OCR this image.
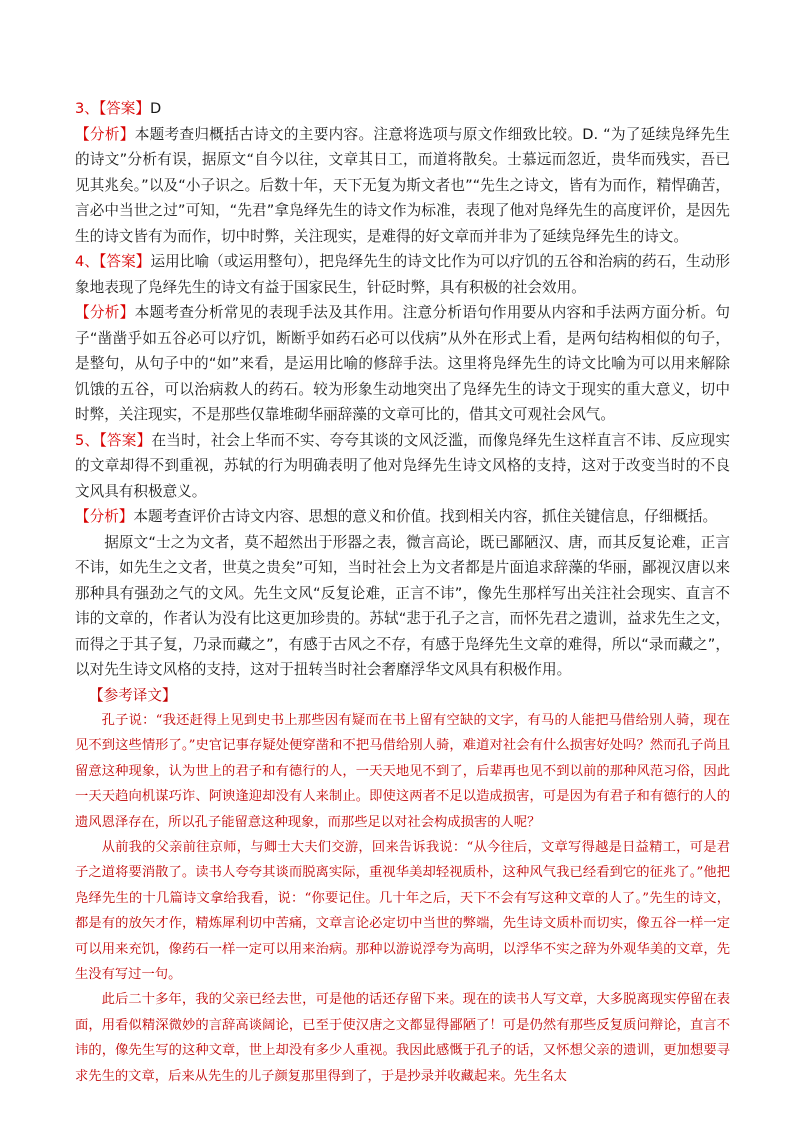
3、【答案】D

【分析】本题考查归概括古诗文的主要内容。注意将选项与原文作细致比较。D. “为了延续凫绎先生的诗文”分析有误，据原文“自今以往，文章其日工，而道将散矣。士慕远而忽近，贵华而残实，吾已见其兆矣。”以及“小子识之。后数十年，天下无复为斯文者也”“先生之诗文，皆有为而作，精悍确苦，言必中当世之过”可知，“先君”拿凫绎先生的诗文作为标准，表现了他对凫绎先生的高度评价，是因先生的诗文皆有为而作，切中时弊，关注现实，是难得的好文章而并非为了延续凫绎先生的诗文。

4、【答案】运用比喻（或运用整句），把凫绎先生的诗文比作为可以疗饥的五谷和治病的药石，生动形象地表现了凫绎先生的诗文有益于国家民生，针砭时弊，具有积极的社会效用。

【分析】本题考查分析常见的表现手法及其作用。注意分析语句作用要从内容和手法两方面分析。句子“凿凿乎如五谷必可以疗饥，断断乎如药石必可以伐病”从外在形式上看，是两句结构相似的句子，是整句，从句子中的“如”来看，是运用比喻的修辞手法。这里将凫绎先生的诗文比喻为可以用来解除饥饿的五谷，可以治病救人的药石。较为形象生动地突出了凫绎先生的诗文于现实的重大意义，切中时弊，关注现实，不是那些仅靠堆砌华丽辞藻的文章可比的，借其文可观社会风气。

5、【答案】在当时，社会上华而不实、夸夸其谈的文风泛滥，而像凫绎先生这样直言不讳、反应现实的文章却得不到重视，苏轼的行为明确表明了他对凫绎先生诗文风格的支持，这对于改变当时的不良文风具有积极意义。

【分析】本题考查评价古诗文内容、思想的意义和价值。找到相关内容，抓住关键信息，仔细概括。

据原文“士之为文者，莫不超然出于形器之表，微言高论，既已鄙陋汉、唐，而其反复论难，正言不讳，如先生之文者，世莫之贵矣”可知，当时社会上为文者都是片面追求辞藻的华丽，鄙视汉唐以来那种具有强劲之气的文风。先生文风“反复论难，正言不讳”，像先生那样写出关注社会现实、直言不讳的文章的，作者认为没有比这更加珍贵的。苏轼“悲于孔子之言，而怀先君之遗训，益求先生之文，而得之于其子复，乃录而藏之”，有感于古风之不存，有感于凫绎先生文章的难得，所以“录而藏之”，以对先生诗文风格的支持，这对于扭转当时社会奢靡浮华文风具有积极作用。

【参考译文】

孔子说：“我还赶得上见到史书上那些因有疑而在书上留有空缺的文字，有马的人能把马借给别人骑，现在见不到这些情形了。”史官记事存疑处便穿凿和不把马借给别人骑，难道对社会有什么损害好处吗？然而孔子尚且留意这种现象，认为世上的君子和有德行的人，一天天地见不到了，后辈再也见不到以前的那种风范习俗，因此一天天趋向机谋巧诈、阿谀逢迎却没有人来制止。即使这两者不足以造成损害，可是因为有君子和有德行的人的遗风恩泽存在，所以孔子能留意这种现象，而那些足以对社会构成损害的人呢？

从前我的父亲前往京师，与卿士大夫们交游，回来告诉我说：“从今往后，文章写得越是日益精工，可是君子之道将要消散了。读书人夸夸其谈而脱离实际，重视华美却轻视质朴，这种风气我已经看到它的征兆了。”他把凫绎先生的十几篇诗文拿给我看，说：“你要记住。几十年之后，天下不会有写这种文章的人了。”先生的诗文，都是有的放矢才作，精炼犀利切中苦痛，文章言论必定切中当世的弊端，先生诗文质朴而切实，像五谷一样一定可以用来充饥，像药石一样一定可以用来治病。那种以游说浮夸为高明，以浮华不实之辞为外观华美的文章，先生没有写过一句。

此后二十多年，我的父亲已经去世，可是他的话还存留下来。现在的读书人写文章，大多脱离现实停留在表面，用看似精深微妙的言辞高谈阔论，已至于使汉唐之文都显得鄙陋了！可是仍然有那些反复质问辩论，直言不讳的，像先生写的这种文章，世上却没有多少人重视。我因此感慨于孔子的话，又怀想父亲的遗训，更加想要寻求先生的文章，后来从先生的儿子颜复那里得到了，于是抄录并收藏起来。先生名太
